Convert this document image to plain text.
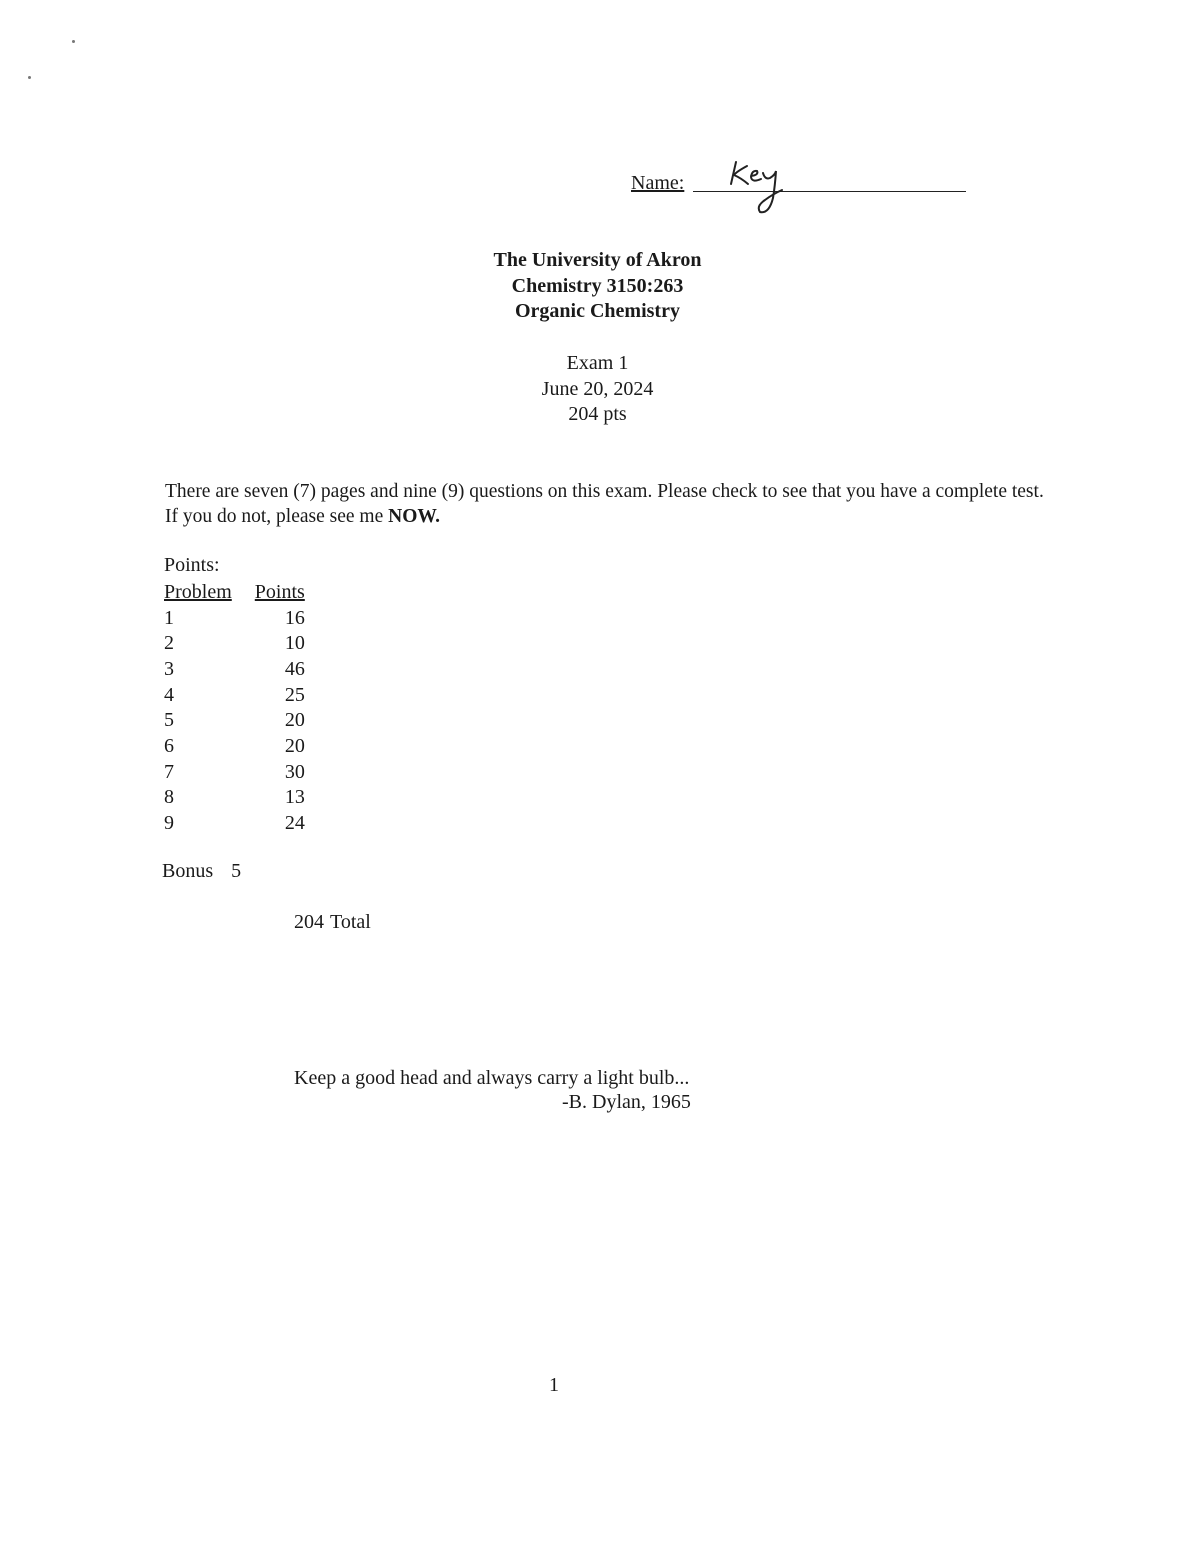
Name:
The University of Akron
Chemistry 3150:263
Organic Chemistry
Exam 1
June 20, 2024
204 pts
There are seven (7) pages and nine (9) questions on this exam. Please check to see that you have a complete test. If you do not, please see me NOW.
Points:
Problem	Points
1	16
2	10
3	46
4	25
5	20
6	20
7	30
8	13
9	24
Bonus 5
204 Total
Keep a good head and always carry a light bulb...
-B. Dylan, 1965
1
